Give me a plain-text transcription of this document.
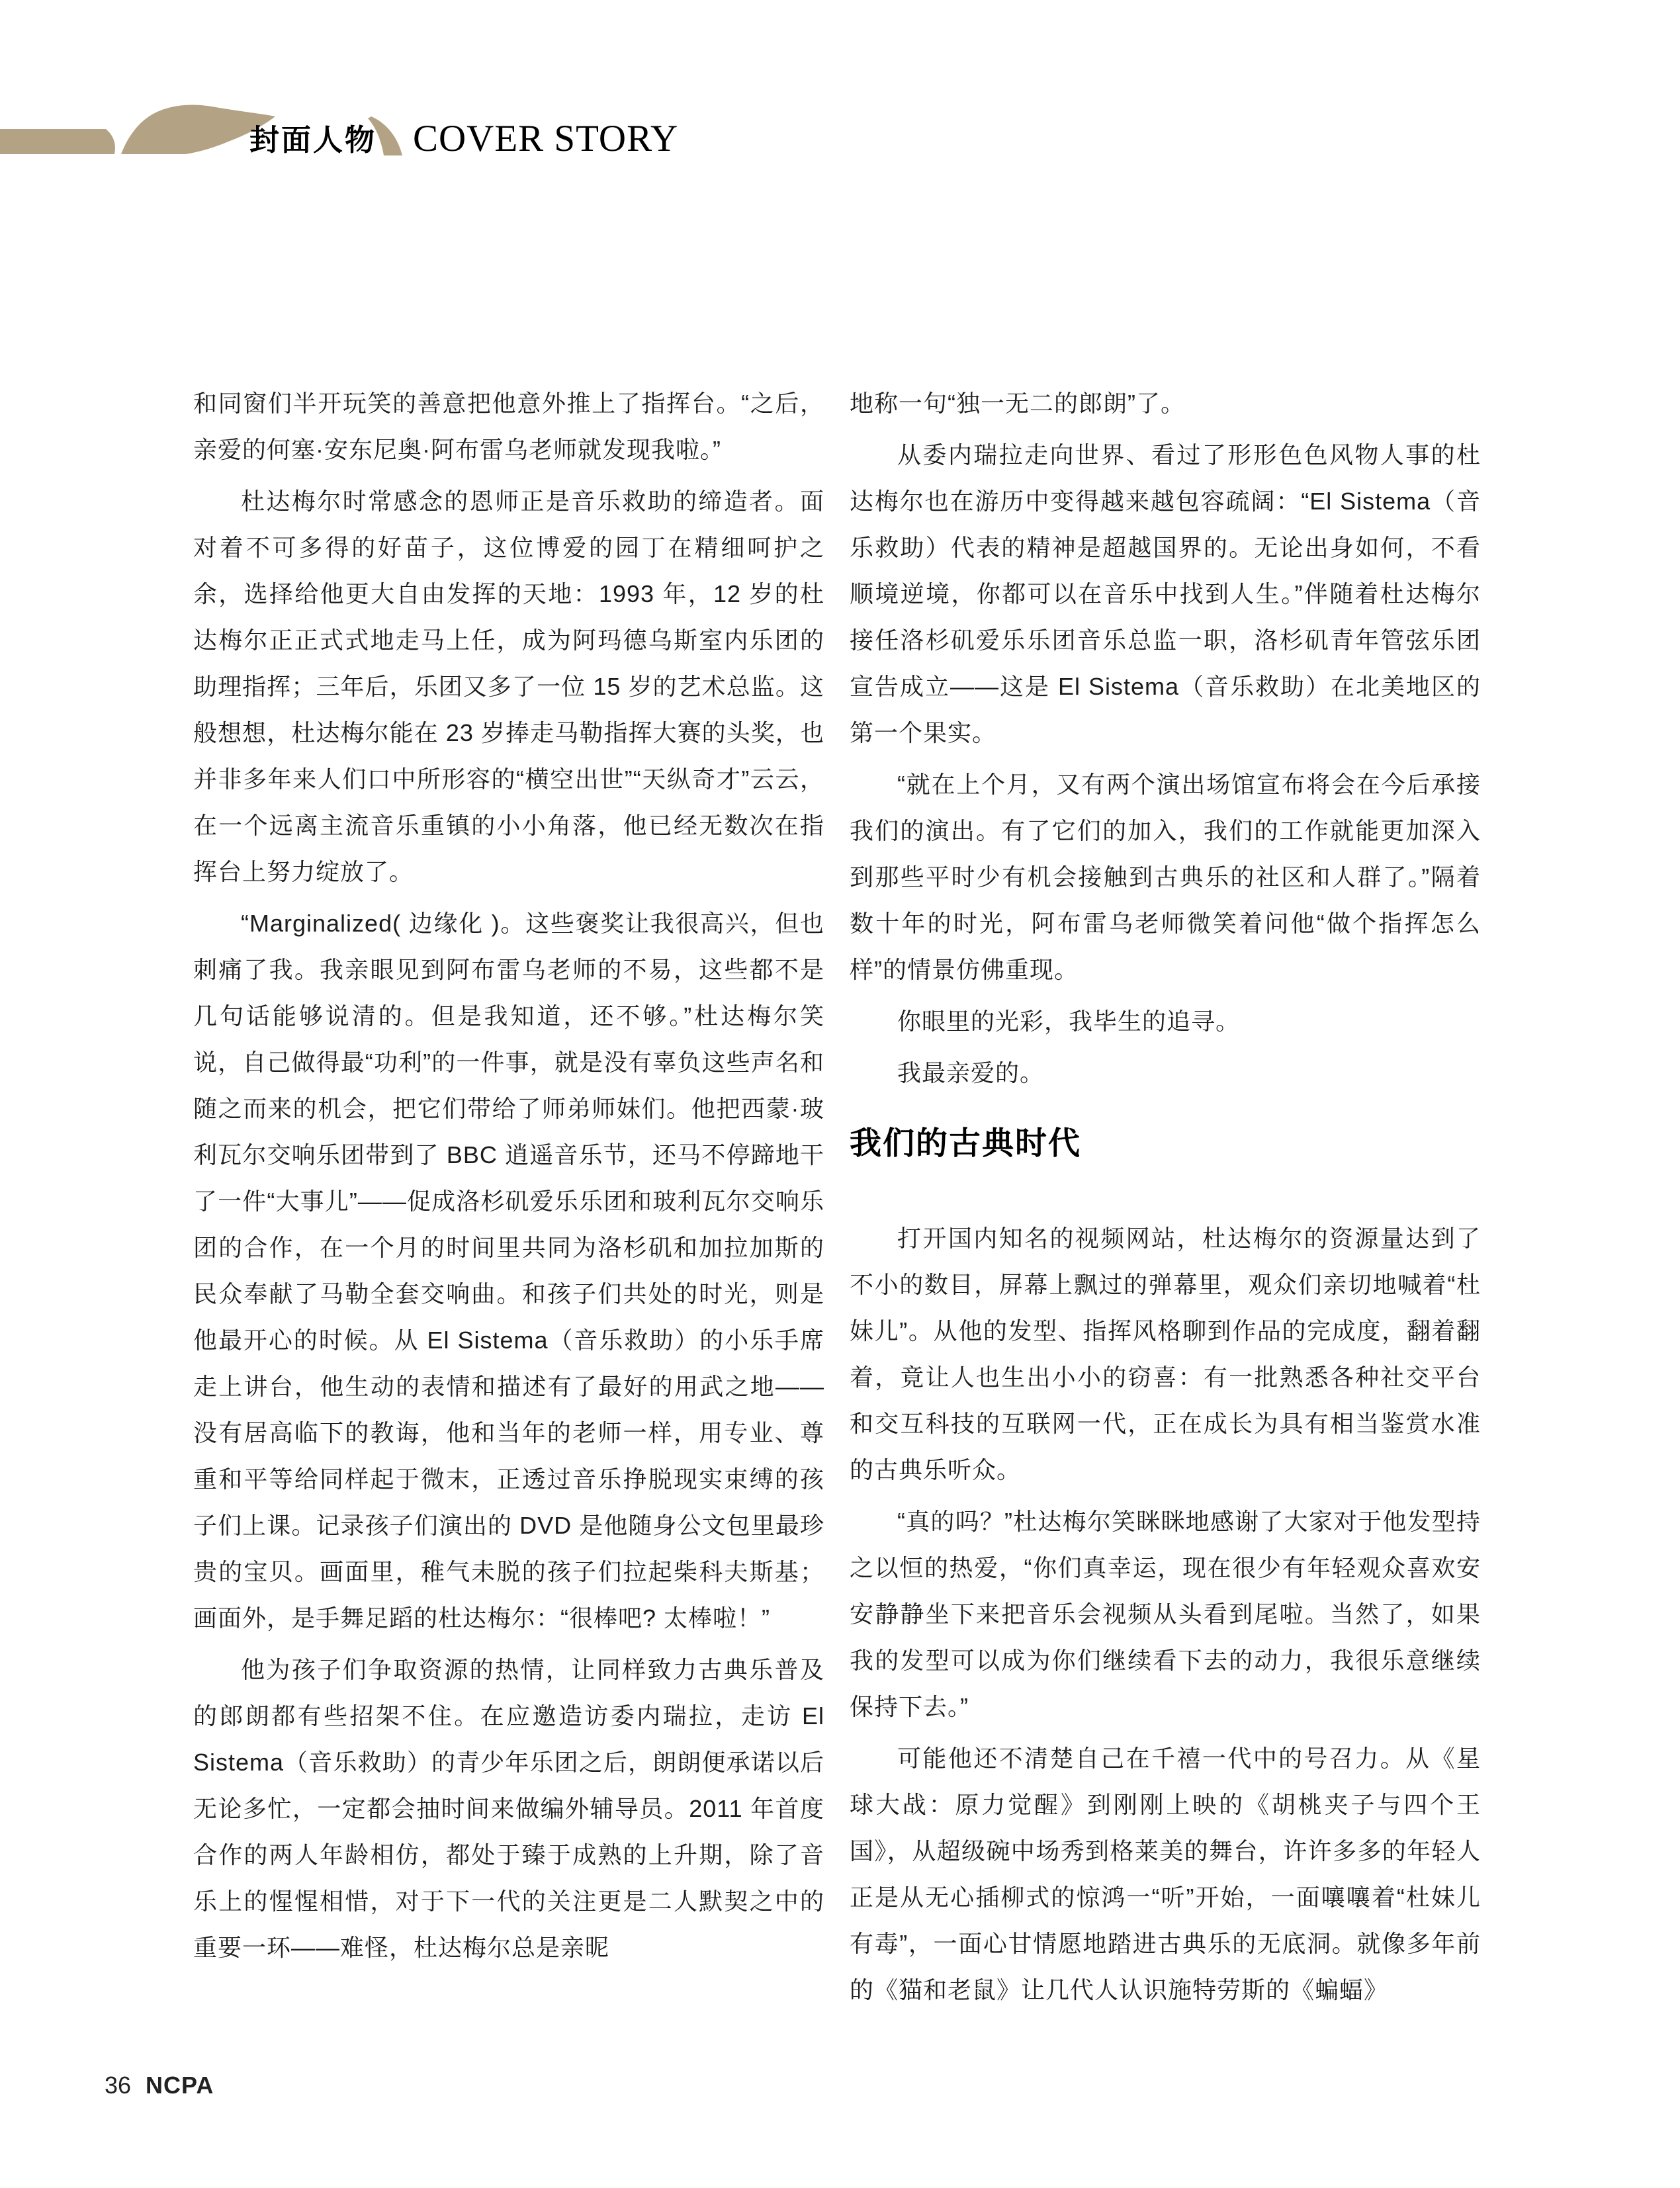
封面人物 COVER STORY

和同窗们半开玩笑的善意把他意外推上了指挥台。“之后，亲爱的何塞·安东尼奥·阿布雷乌老师就发现我啦。”

杜达梅尔时常感念的恩师正是音乐救助的缔造者。面对着不可多得的好苗子，这位博爱的园丁在精细呵护之余，选择给他更大自由发挥的天地：1993 年，12 岁的杜达梅尔正正式式地走马上任，成为阿玛德乌斯室内乐团的助理指挥；三年后，乐团又多了一位 15 岁的艺术总监。这般想想，杜达梅尔能在 23 岁捧走马勒指挥大赛的头奖，也并非多年来人们口中所形容的“横空出世”“天纵奇才”云云，在一个远离主流音乐重镇的小小角落，他已经无数次在指挥台上努力绽放了。

“Marginalized( 边缘化 )。这些褒奖让我很高兴，但也刺痛了我。我亲眼见到阿布雷乌老师的不易，这些都不是几句话能够说清的。但是我知道，还不够。”杜达梅尔笑说，自己做得最“功利”的一件事，就是没有辜负这些声名和随之而来的机会，把它们带给了师弟师妹们。他把西蒙·玻利瓦尔交响乐团带到了 BBC 逍遥音乐节，还马不停蹄地干了一件“大事儿”——促成洛杉矶爱乐乐团和玻利瓦尔交响乐团的合作，在一个月的时间里共同为洛杉矶和加拉加斯的民众奉献了马勒全套交响曲。和孩子们共处的时光，则是他最开心的时候。从 El Sistema（音乐救助）的小乐手席走上讲台，他生动的表情和描述有了最好的用武之地——没有居高临下的教诲，他和当年的老师一样，用专业、尊重和平等给同样起于微末，正透过音乐挣脱现实束缚的孩子们上课。记录孩子们演出的 DVD 是他随身公文包里最珍贵的宝贝。画面里，稚气未脱的孩子们拉起柴科夫斯基；画面外，是手舞足蹈的杜达梅尔：“很棒吧? 太棒啦！”

他为孩子们争取资源的热情，让同样致力古典乐普及的郎朗都有些招架不住。在应邀造访委内瑞拉，走访 El Sistema（音乐救助）的青少年乐团之后，朗朗便承诺以后无论多忙，一定都会抽时间来做编外辅导员。2011 年首度合作的两人年龄相仿，都处于臻于成熟的上升期，除了音乐上的惺惺相惜，对于下一代的关注更是二人默契之中的重要一环——难怪，杜达梅尔总是亲昵

地称一句“独一无二的郎朗”了。

从委内瑞拉走向世界、看过了形形色色风物人事的杜达梅尔也在游历中变得越来越包容疏阔：“El Sistema（音乐救助）代表的精神是超越国界的。无论出身如何，不看顺境逆境，你都可以在音乐中找到人生。”伴随着杜达梅尔接任洛杉矶爱乐乐团音乐总监一职，洛杉矶青年管弦乐团宣告成立——这是 El Sistema（音乐救助）在北美地区的第一个果实。

“就在上个月，又有两个演出场馆宣布将会在今后承接我们的演出。有了它们的加入，我们的工作就能更加深入到那些平时少有机会接触到古典乐的社区和人群了。”隔着数十年的时光，阿布雷乌老师微笑着问他“做个指挥怎么样”的情景仿佛重现。

你眼里的光彩，我毕生的追寻。

我最亲爱的。

我们的古典时代

打开国内知名的视频网站，杜达梅尔的资源量达到了不小的数目，屏幕上飘过的弹幕里，观众们亲切地喊着“杜妹儿”。从他的发型、指挥风格聊到作品的完成度，翻着翻着，竟让人也生出小小的窃喜：有一批熟悉各种社交平台和交互科技的互联网一代，正在成长为具有相当鉴赏水准的古典乐听众。

“真的吗？”杜达梅尔笑眯眯地感谢了大家对于他发型持之以恒的热爱，“你们真幸运，现在很少有年轻观众喜欢安安静静坐下来把音乐会视频从头看到尾啦。当然了，如果我的发型可以成为你们继续看下去的动力，我很乐意继续保持下去。”

可能他还不清楚自己在千禧一代中的号召力。从《星球大战：原力觉醒》到刚刚上映的《胡桃夹子与四个王国》，从超级碗中场秀到格莱美的舞台，许许多多的年轻人正是从无心插柳式的惊鸿一“听”开始，一面嚷嚷着“杜妹儿有毒”，一面心甘情愿地踏进古典乐的无底洞。就像多年前的《猫和老鼠》让几代人认识施特劳斯的《蝙蝠》

36 NCPA
